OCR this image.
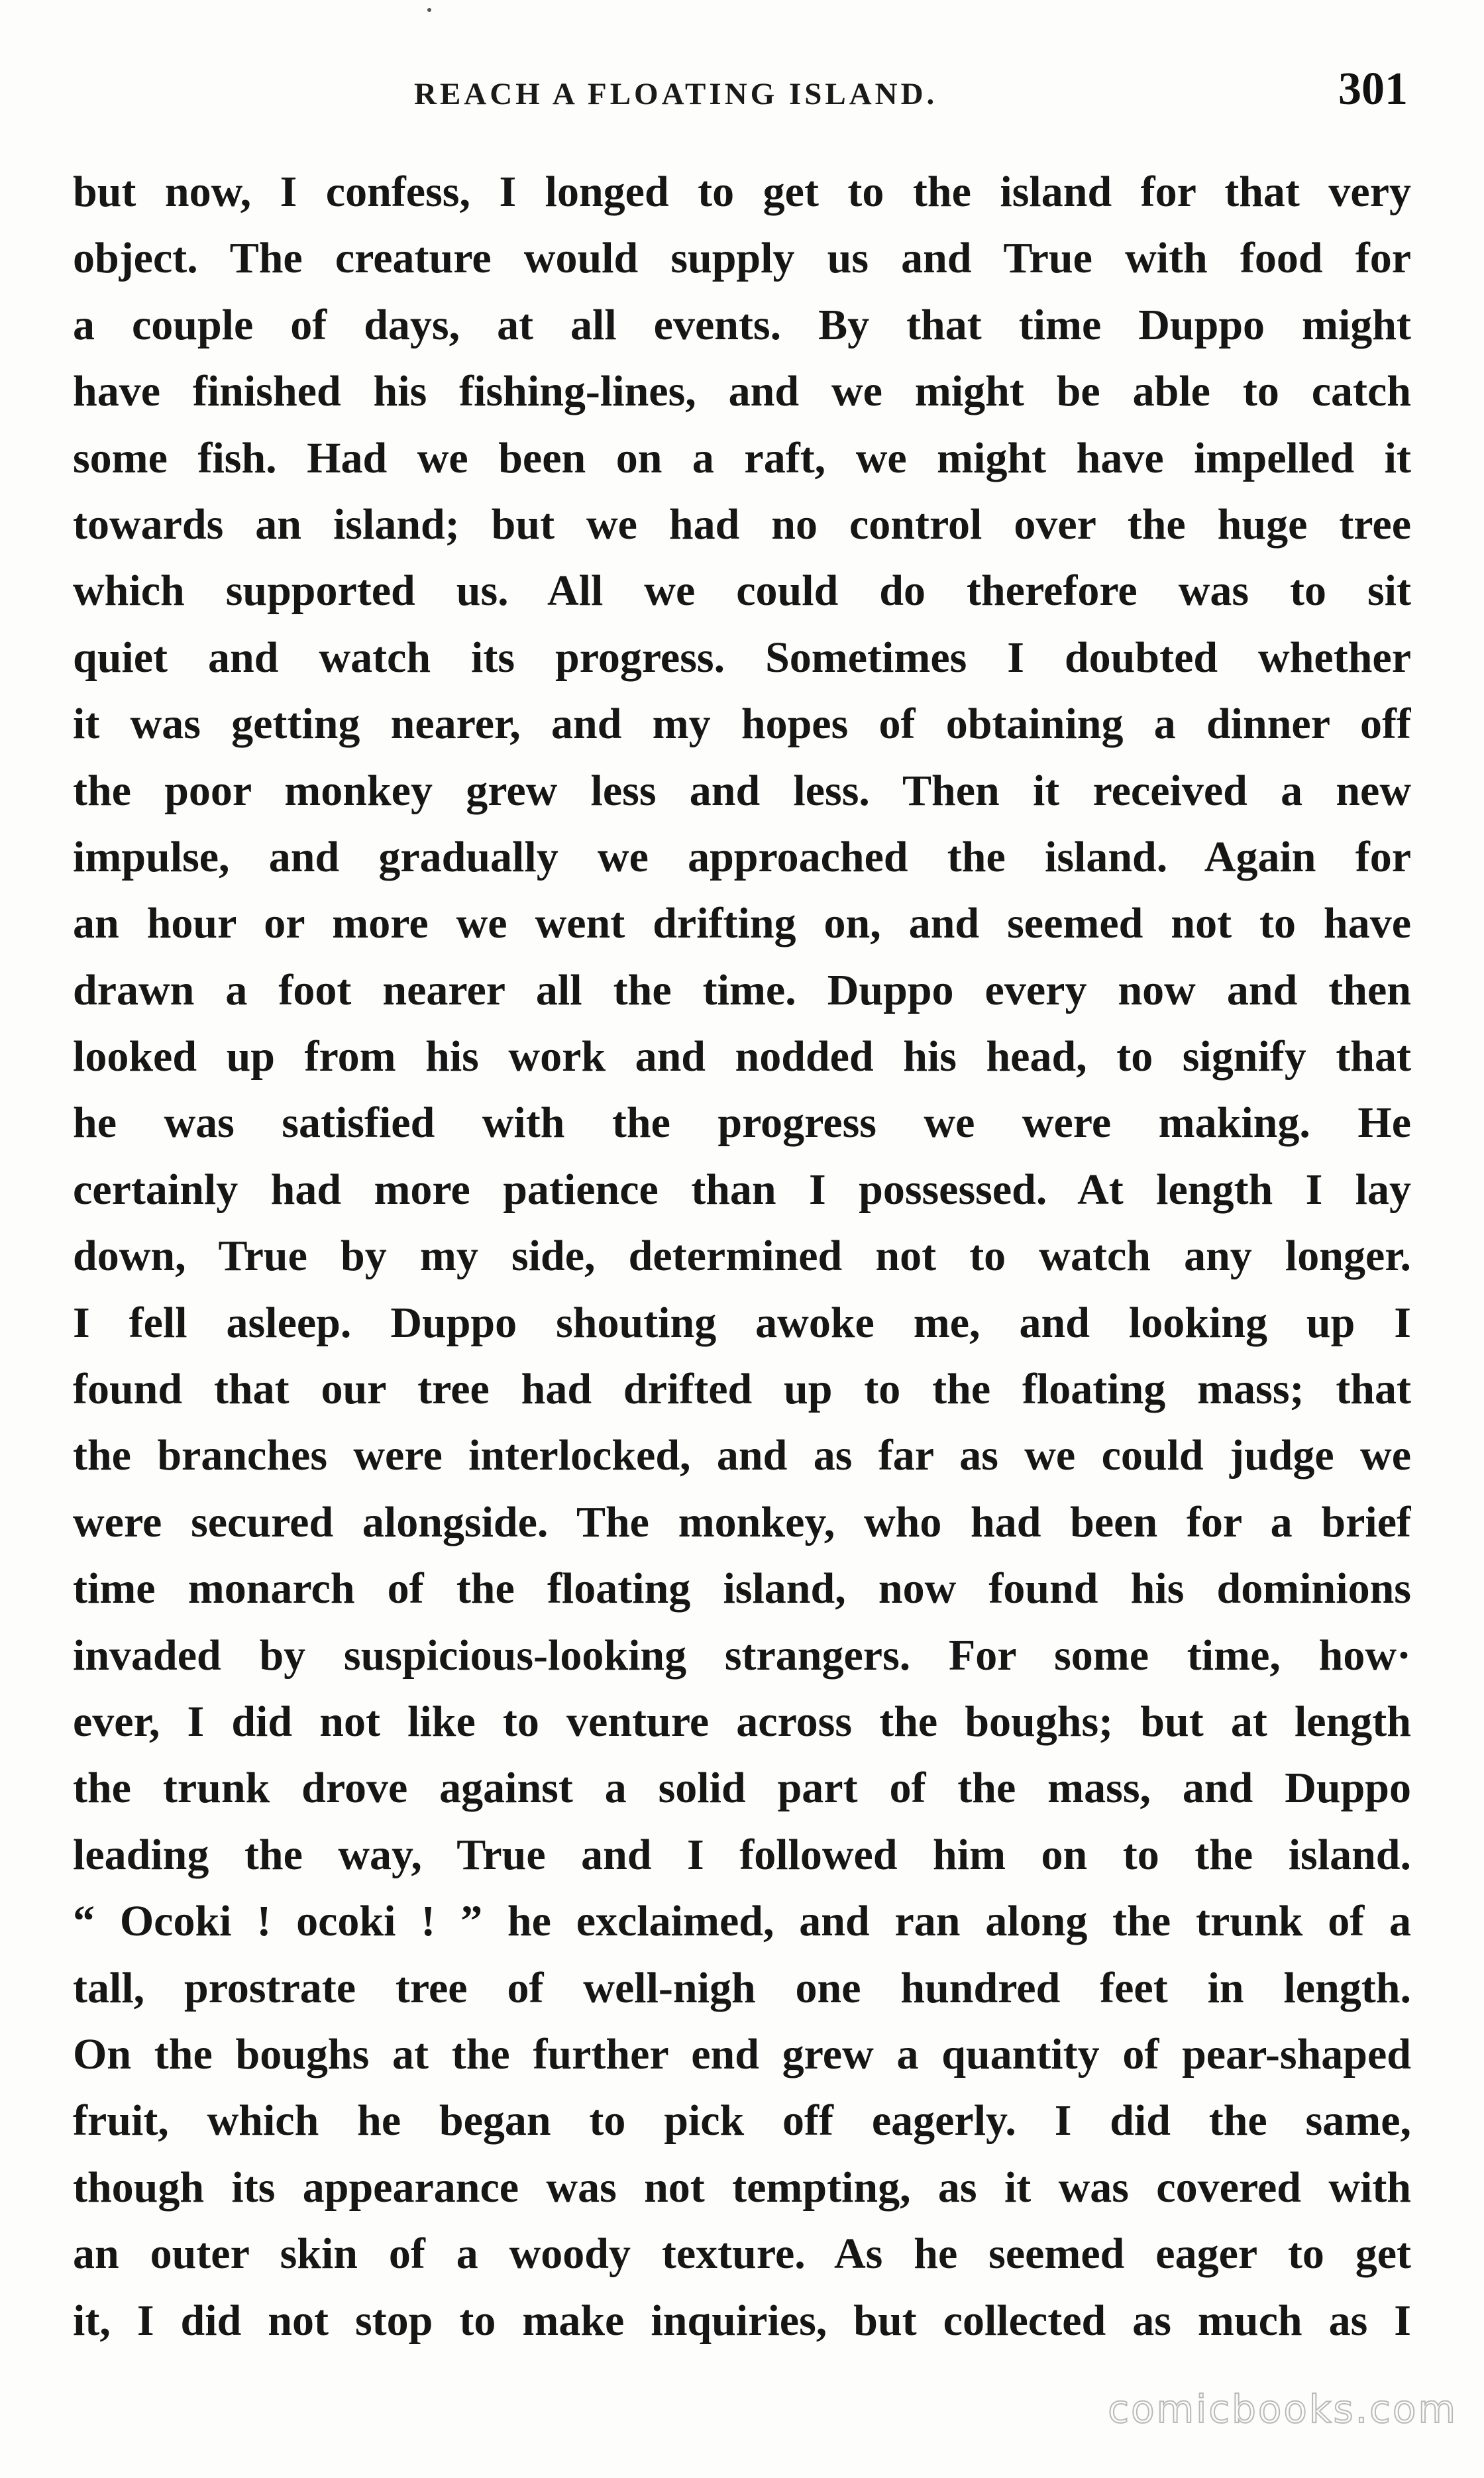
REACH A FLOATING ISLAND.	301
but now, I confess, I longed to get to the island for that very
object. The creature would supply us and True with food for
a couple of days, at all events. By that time Duppo might
have finished his fishing-lines, and we might be able to catch
some fish. Had we been on a raft, we might have impelled it
towards an island; but we had no control over the huge tree
which supported us. All we could do therefore was to sit
quiet and watch its progress. Sometimes I doubted whether
it was getting nearer, and my hopes of obtaining a dinner off
the poor monkey grew less and less. Then it received a new
impulse, and gradually we approached the island. Again for
an hour or more we went drifting on, and seemed not to have
drawn a foot nearer all the time. Duppo every now and then
looked up from his work and nodded his head, to signify that
he was satisfied with the progress we were making. He
certainly had more patience than I possessed. At length I lay
down, True by my side, determined not to watch any longer.
I fell asleep. Duppo shouting awoke me, and looking up I
found that our tree had drifted up to the floating mass; that
the branches were interlocked, and as far as we could judge we
were secured alongside. The monkey, who had been for a brief
time monarch of the floating island, now found his dominions
invaded by suspicious-looking strangers. For some time, how·
ever, I did not like to venture across the boughs; but at length
the trunk drove against a solid part of the mass, and Duppo
leading the way, True and I followed him on to the island.
“ Ocoki ! ocoki ! ” he exclaimed, and ran along the trunk of a
tall, prostrate tree of well-nigh one hundred feet in length.
On the boughs at the further end grew a quantity of pear-shaped
fruit, which he began to pick off eagerly. I did the same,
though its appearance was not tempting, as it was covered with
an outer skin of a woody texture. As he seemed eager to get
it, I did not stop to make inquiries, but collected as much as I
comicbooks.com
